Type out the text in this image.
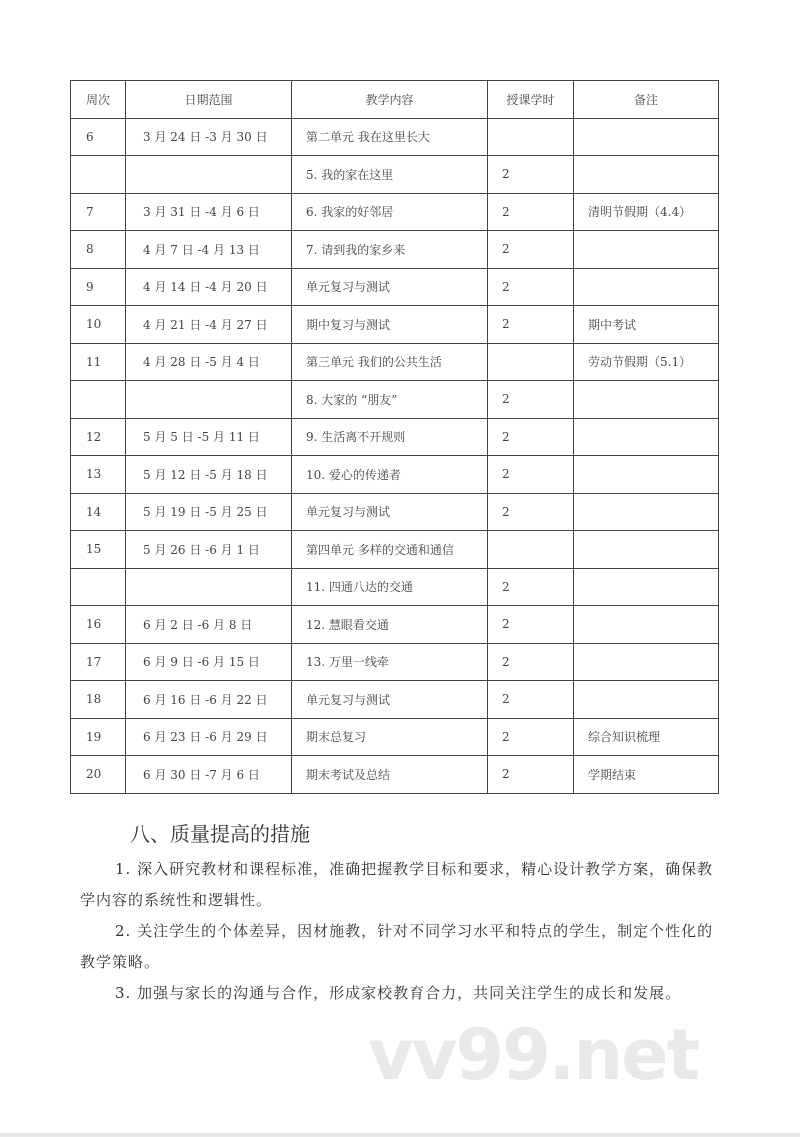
周次	日期范围	教学内容	授课学时	备注
6	3 月 24 日 -3 月 30 日	第二单元 我在这里长大		
		5. 我的家在这里	2	
7	3 月 31 日 -4 月 6 日	6. 我家的好邻居	2	清明节假期（4.4）
8	4 月 7 日 -4 月 13 日	7. 请到我的家乡来	2	
9	4 月 14 日 -4 月 20 日	单元复习与测试	2	
10	4 月 21 日 -4 月 27 日	期中复习与测试	2	期中考试
11	4 月 28 日 -5 月 4 日	第三单元 我们的公共生活		劳动节假期（5.1）
		8. 大家的 “朋友”	2	
12	5 月 5 日 -5 月 11 日	9. 生活离不开规则	2	
13	5 月 12 日 -5 月 18 日	10. 爱心的传递者	2	
14	5 月 19 日 -5 月 25 日	单元复习与测试	2	
15	5 月 26 日 -6 月 1 日	第四单元 多样的交通和通信		
		11. 四通八达的交通	2	
16	6 月 2 日 -6 月 8 日	12. 慧眼看交通	2	
17	6 月 9 日 -6 月 15 日	13. 万里一线牵	2	
18	6 月 16 日 -6 月 22 日	单元复习与测试	2	
19	6 月 23 日 -6 月 29 日	期末总复习	2	综合知识梳理
20	6 月 30 日 -7 月 6 日	期末考试及总结	2	学期结束
八、质量提高的措施

1. 深入研究教材和课程标准，准确把握教学目标和要求，精心设计教学方案，确保教学内容的系统性和逻辑性。

2. 关注学生的个体差异，因材施教，针对不同学习水平和特点的学生，制定个性化的教学策略。

3. 加强与家长的沟通与合作，形成家校教育合力，共同关注学生的成长和发展。

vv99.net
